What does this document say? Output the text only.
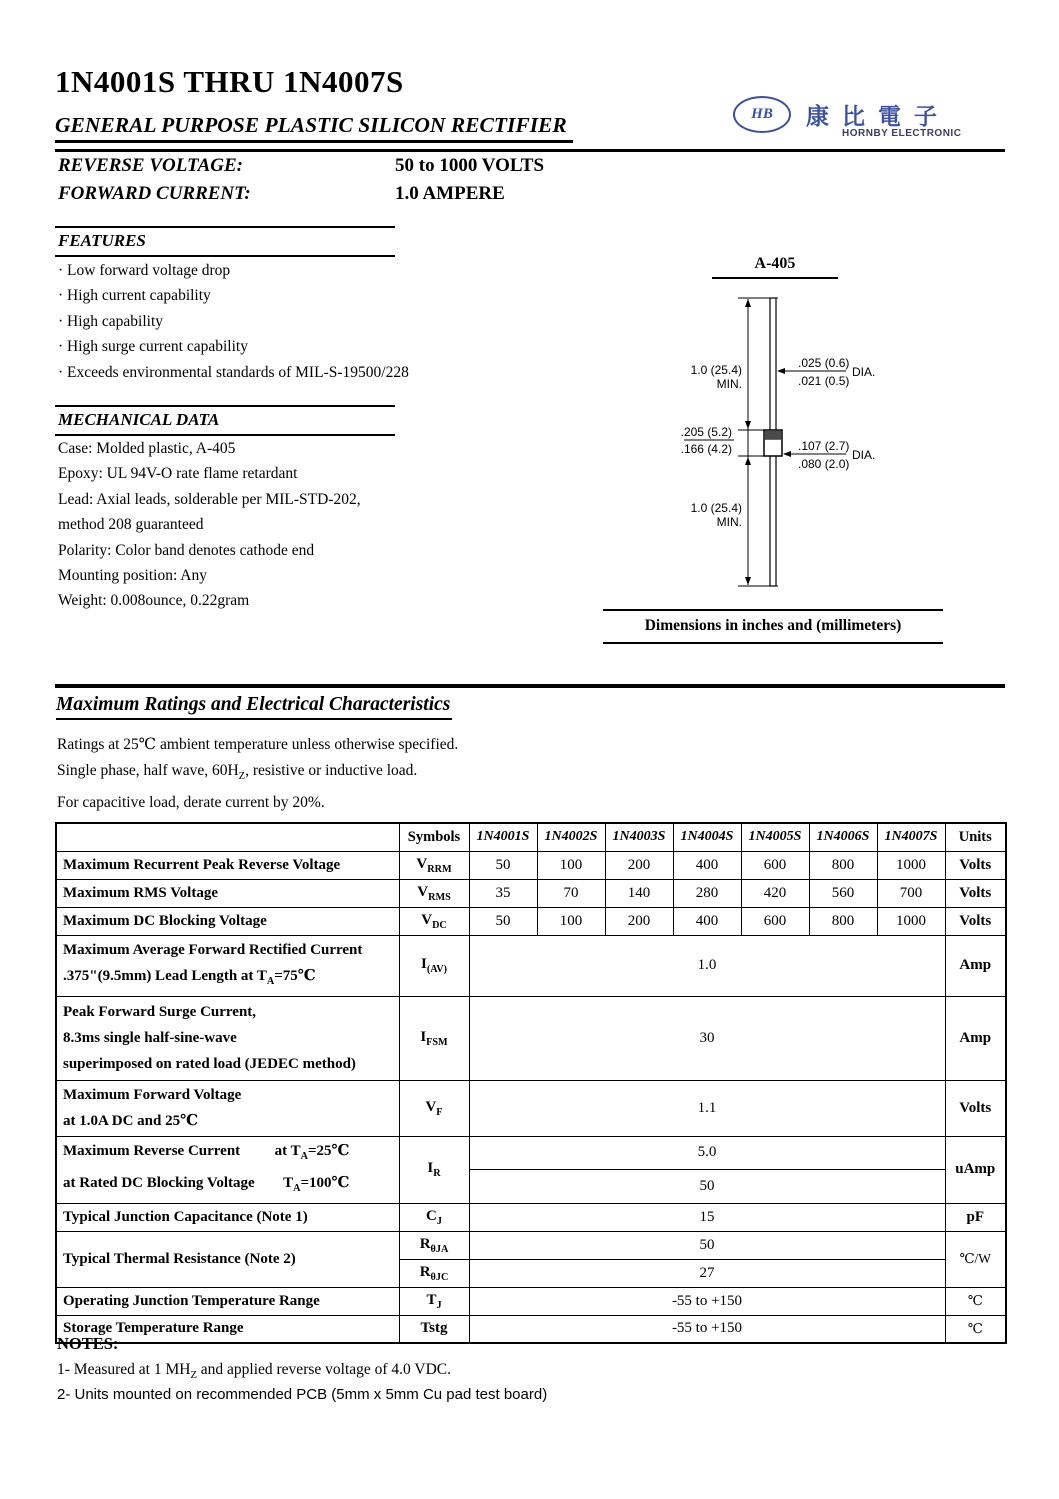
1N4001S THRU 1N4007S
GENERAL PURPOSE PLASTIC SILICON RECTIFIER	HB 康比電子
HORNBY ELECTRONIC
REVERSE VOLTAGE:	50 to 1000 VOLTS
FORWARD CURRENT:	1.0 AMPERE
FEATURES
· Low forward voltage drop
· High current capability
· High capability
· High surge current capability
· Exceeds environmental standards of MIL-S-19500/228
MECHANICAL DATA
Case: Molded plastic, A-405
Epoxy: UL 94V-O rate flame retardant
Lead: Axial leads, solderable per MIL-STD-202,
method 208 guaranteed
Polarity: Color band denotes cathode end
Mounting position: Any
Weight: 0.008ounce, 0.22gram
A-405
1.0 (25.4)
MIN.
.025 (0.6)
.021 (0.5)
DIA.
.205 (5.2)
.166 (4.2)	.107 (2.7)
.080 (2.0)
DIA.
1.0 (25.4)
MIN.
Dimensions in inches and (millimeters)
Maximum Ratings and Electrical Characteristics
Ratings at 25℃ ambient temperature unless otherwise specified.
Single phase, half wave, $60H_Z$, resistive or inductive load.
For capacitive load, derate current by 20%.
	Symbols	1N4001S	1N4002S	1N4003S	1N4004S	1N4005S	1N4006S	1N4007S	Units
Maximum Recurrent Peak Reverse Voltage	$V_{RRM}$	50	100	200	400	600	800	1000	Volts
Maximum RMS Voltage	$V_{RMS}$	35	70	140	280	420	560	700	Volts
Maximum DC Blocking Voltage	$V_{DC}$	50	100	200	400	600	800	1000	Volts

Maximum Average Forward Rectified Current
.375"(9.5mm) Lead Length at $T_A=75℃$	$I_{(AV)}$	1.0							Amp

Peak Forward Surge Current,
8.3ms single half-sine-wave
superimposed on rated load (JEDEC method)	$I_{FSM}$	30							Amp

Maximum Forward Voltage
at 1.0A DC and 25℃	$V_F$	1.1							Volts

Maximum Reverse Current at $T_A=25℃$
at Rated DC Blocking Voltage $T_A=100℃$	$I_R$	5.0							uAmp
		50							
Typical Junction Capacitance (Note 1)	$C_J$	15							pF
Typical Thermal Resistance (Note 2)	$R_{\theta JA}$	50							℃/W
	$R_{\theta JC}$	27							
Operating Junction Temperature Range	$T_J$	-55 to +150							℃
Storage Temperature Range	Tstg	-55 to +150							℃
NOTES:
1- Measured at 1 $MH_Z$ and applied reverse voltage of 4.0 VDC.
2- Units mounted on recommended PCB (5mm x 5mm Cu pad test board)
